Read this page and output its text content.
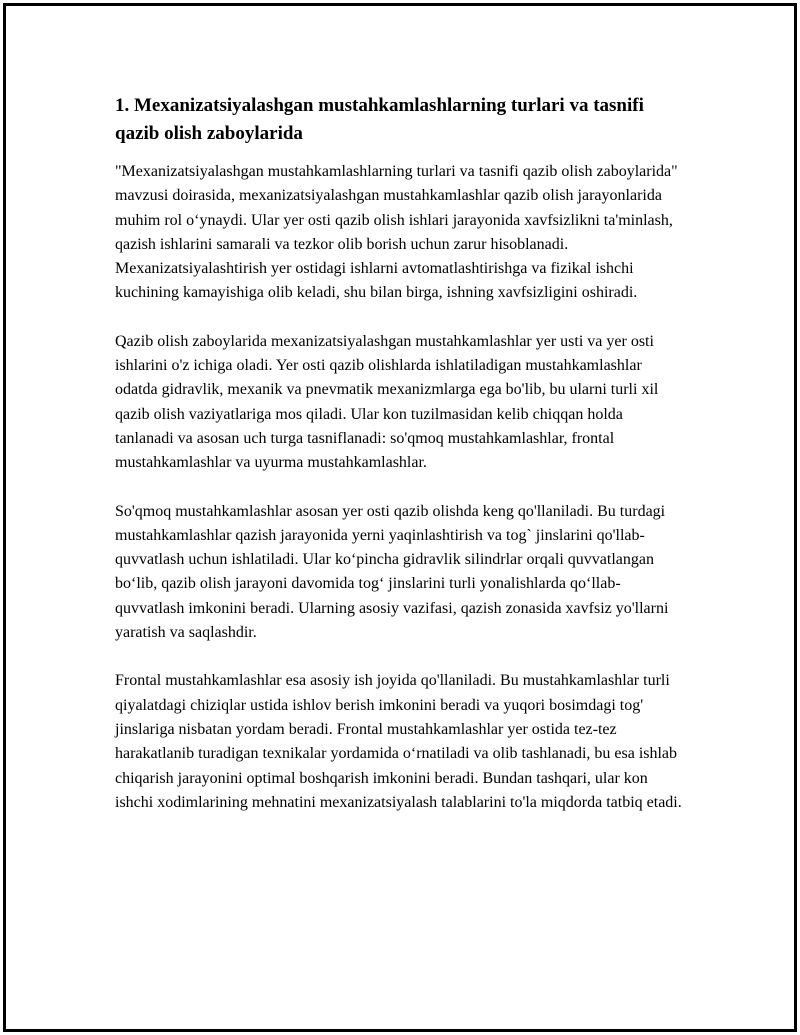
1. Mexanizatsiyalashgan mustahkamlashlarning turlari va tasnifi qazib olish zaboylarida

"Mexanizatsiyalashgan mustahkamlashlarning turlari va tasnifi qazib olish zaboylarida" mavzusi doirasida, mexanizatsiyalashgan mustahkamlashlar qazib olish jarayonlarida muhim rol o‘ynaydi. Ular yer osti qazib olish ishlari jarayonida xavfsizlikni ta'minlash, qazish ishlarini samarali va tezkor olib borish uchun zarur hisoblanadi. Mexanizatsiyalashtirish yer ostidagi ishlarni avtomatlashtirishga va fizikal ishchi kuchining kamayishiga olib keladi, shu bilan birga, ishning xavfsizligini oshiradi.

Qazib olish zaboylarida mexanizatsiyalashgan mustahkamlashlar yer usti va yer osti ishlarini o'z ichiga oladi. Yer osti qazib olishlarda ishlatiladigan mustahkamlashlar odatda gidravlik, mexanik va pnevmatik mexanizmlarga ega bo'lib, bu ularni turli xil qazib olish vaziyatlariga mos qiladi. Ular kon tuzilmasidan kelib chiqqan holda tanlanadi va asosan uch turga tasniflanadi: so'qmoq mustahkamlashlar, frontal mustahkamlashlar va uyurma mustahkamlashlar.

So'qmoq mustahkamlashlar asosan yer osti qazib olishda keng qo'llaniladi. Bu turdagi mustahkamlashlar qazish jarayonida yerni yaqinlashtirish va tog` jinslarini qo'llab-quvvatlash uchun ishlatiladi. Ular ko‘pincha gidravlik silindrlar orqali quvvatlangan bo‘lib, qazib olish jarayoni davomida tog‘ jinslarini turli yonalishlarda qo‘llab-quvvatlash imkonini beradi. Ularning asosiy vazifasi, qazish zonasida xavfsiz yo'llarni yaratish va saqlashdir.

Frontal mustahkamlashlar esa asosiy ish joyida qo'llaniladi. Bu mustahkamlashlar turli qiyalatdagi chiziqlar ustida ishlov berish imkonini beradi va yuqori bosimdagi tog' jinslariga nisbatan yordam beradi. Frontal mustahkamlashlar yer ostida tez-tez harakatlanib turadigan texnikalar yordamida o‘rnatiladi va olib tashlanadi, bu esa ishlab chiqarish jarayonini optimal boshqarish imkonini beradi. Bundan tashqari, ular kon ishchi xodimlarining mehnatini mexanizatsiyalash talablarini to'la miqdorda tatbiq etadi.
